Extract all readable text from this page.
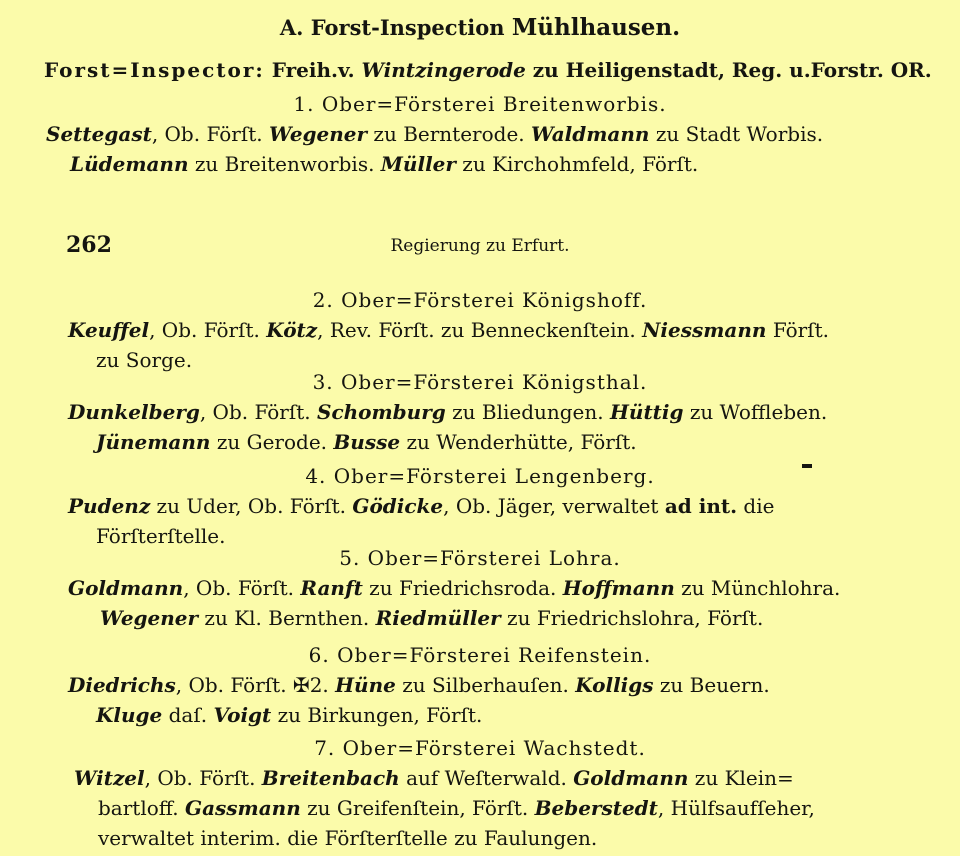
A. Forst-Inspection Mühlhausen.
Forst=Inspector: Freih.v. Wintzingerode zu Heiligenstadt, Reg. u.Forstr. OR.
1. Ober=Försterei Breitenworbis.
Settegast, Ob. Förſt. Wegener zu Bernterode. Waldmann zu Stadt Worbis.
Lüdemann zu Breitenworbis. Müller zu Kirchohmfeld, Förſt.
262	Regierung zu Erfurt.
2. Ober=Försterei Königshoff.
Keuffel, Ob. Förſt. Kötz, Rev. Förſt. zu Benneckenſtein. Niessmann Förſt.
zu Sorge.
3. Ober=Försterei Königsthal.
Dunkelberg, Ob. Förſt. Schomburg zu Bliedungen. Hüttig zu Woffleben.
Jünemann zu Gerode. Busse zu Wenderhütte, Förſt.
4. Ober=Försterei Lengenberg.
Pudenz zu Uder, Ob. Förſt. Gödicke, Ob. Jäger, verwaltet ad int. die
Förſterſtelle.
5. Ober=Försterei Lohra.
Goldmann, Ob. Förſt. Ranft zu Friedrichsroda. Hoffmann zu Münchlohra.
Wegener zu Kl. Bernthen. Riedmüller zu Friedrichslohra, Förſt.
6. Ober=Försterei Reifenstein.
Diedrichs, Ob. Förſt. ✠2. Hüne zu Silberhauſen. Kolligs zu Beuern.
Kluge daſ. Voigt zu Birkungen, Förſt.
7. Ober=Försterei Wachstedt.
Witzel, Ob. Förſt. Breitenbach auf Weſterwald. Goldmann zu Klein=
bartloff. Gassmann zu Greifenſtein, Förſt. Beberstedt, Hülfsaufſeher,
verwaltet interim. die Förſterſtelle zu Faulungen.
